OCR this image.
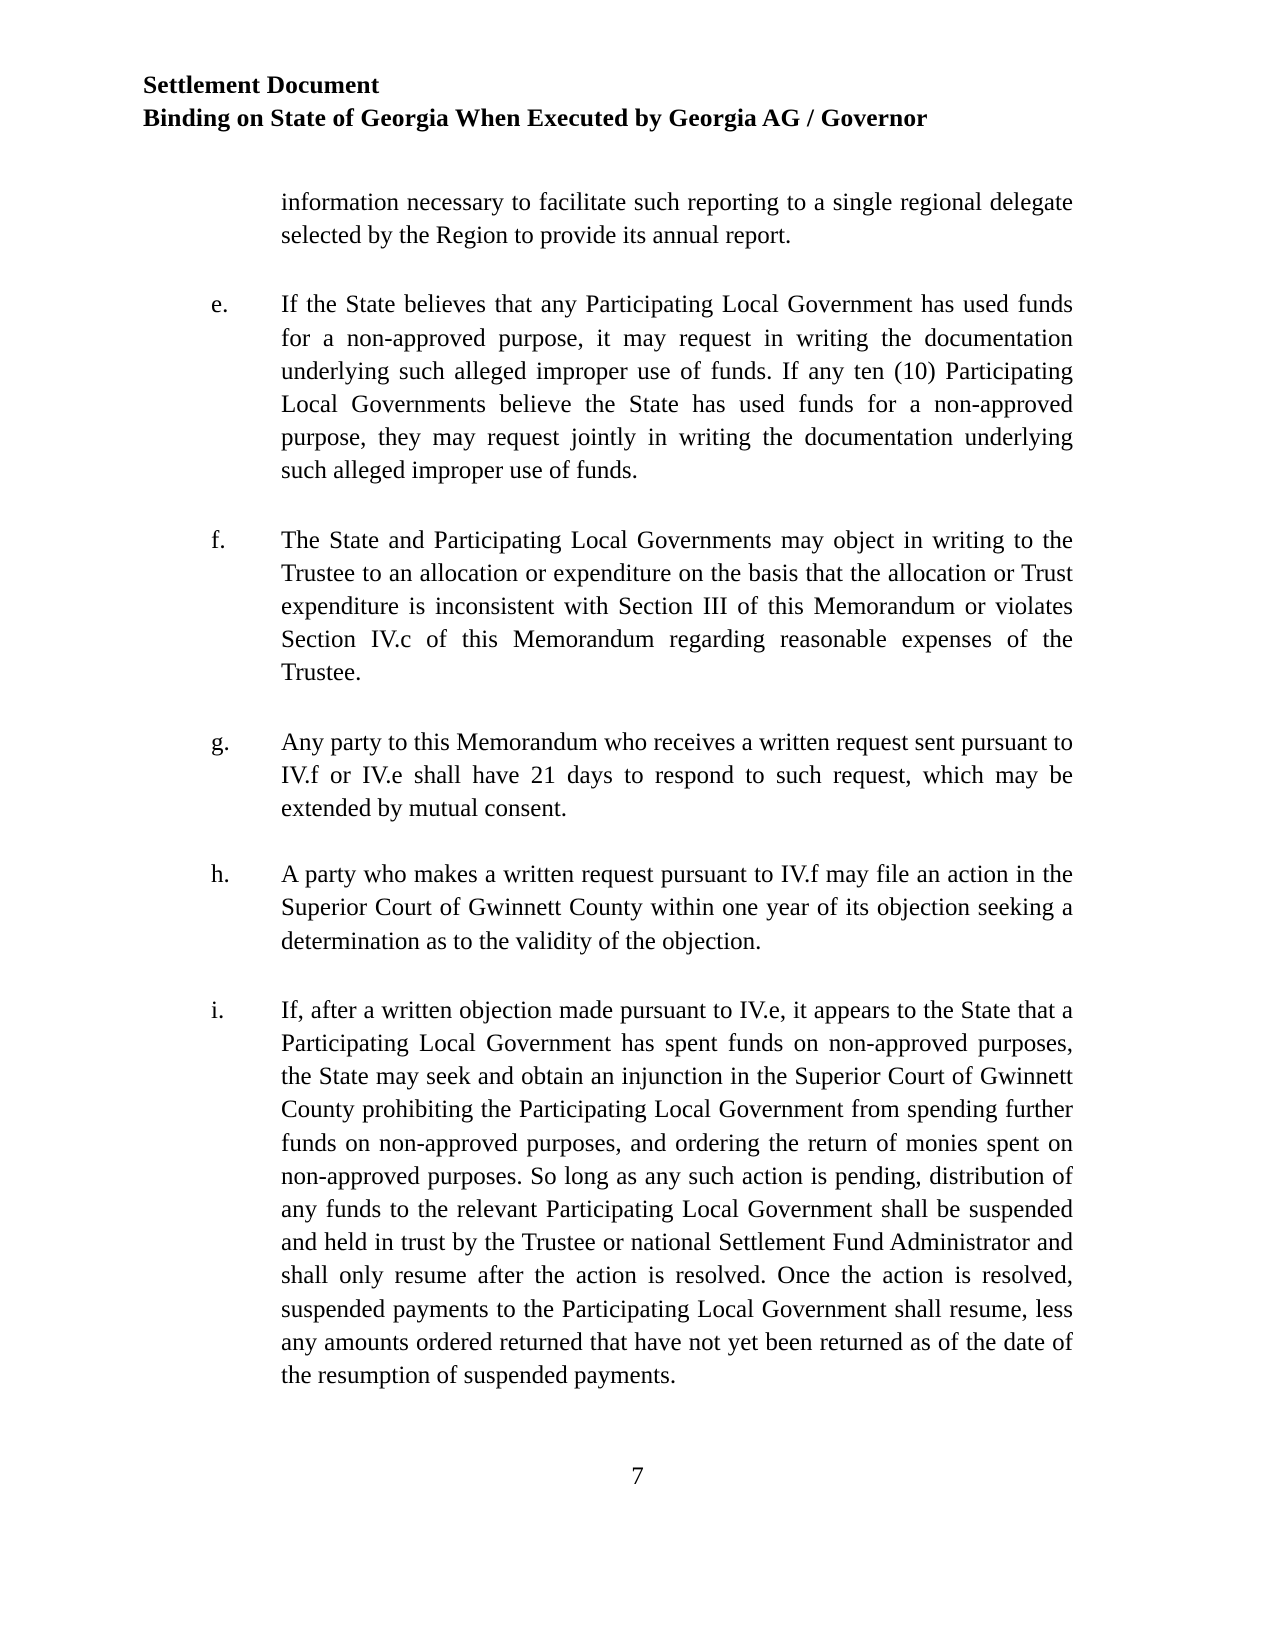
Settlement Document
Binding on State of Georgia When Executed by Georgia AG / Governor
information necessary to facilitate such reporting to a single regional delegate selected by the Region to provide its annual report.
e.	If the State believes that any Participating Local Government has used funds for a non-approved purpose, it may request in writing the documentation underlying such alleged improper use of funds. If any ten (10) Participating Local Governments believe the State has used funds for a non-approved purpose, they may request jointly in writing the documentation underlying such alleged improper use of funds.
f.	The State and Participating Local Governments may object in writing to the Trustee to an allocation or expenditure on the basis that the allocation or Trust expenditure is inconsistent with Section III of this Memorandum or violates Section IV.c of this Memorandum regarding reasonable expenses of the Trustee.
g.	Any party to this Memorandum who receives a written request sent pursuant to IV.f or IV.e shall have 21 days to respond to such request, which may be extended by mutual consent.
h.	A party who makes a written request pursuant to IV.f may file an action in the Superior Court of Gwinnett County within one year of its objection seeking a determination as to the validity of the objection.
i.	If, after a written objection made pursuant to IV.e, it appears to the State that a Participating Local Government has spent funds on non-approved purposes, the State may seek and obtain an injunction in the Superior Court of Gwinnett County prohibiting the Participating Local Government from spending further funds on non-approved purposes, and ordering the return of monies spent on non-approved purposes. So long as any such action is pending, distribution of any funds to the relevant Participating Local Government shall be suspended and held in trust by the Trustee or national Settlement Fund Administrator and shall only resume after the action is resolved. Once the action is resolved, suspended payments to the Participating Local Government shall resume, less any amounts ordered returned that have not yet been returned as of the date of the resumption of suspended payments.
7
